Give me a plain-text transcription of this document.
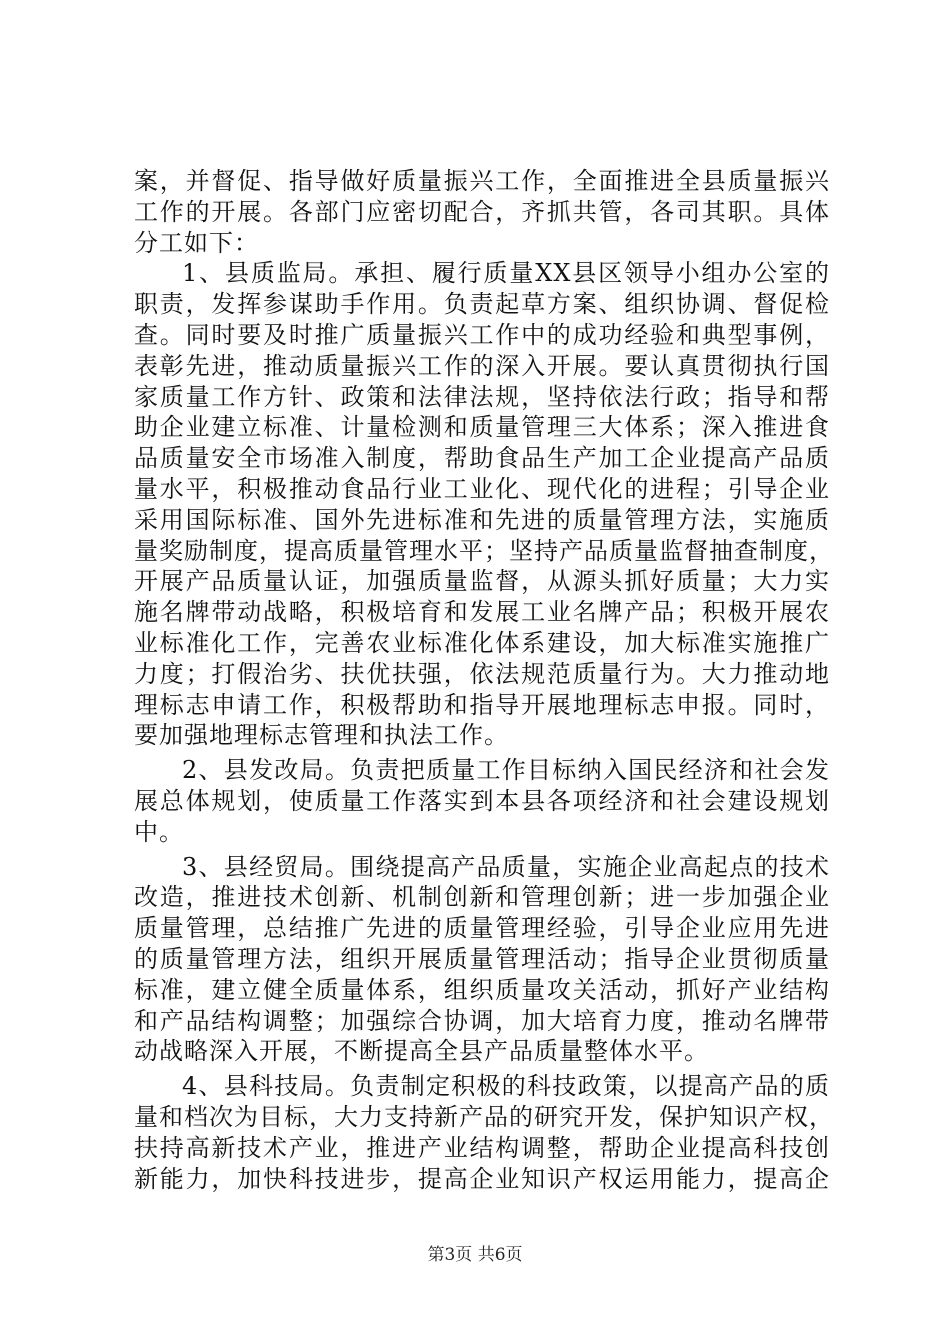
案，并督促、指导做好质量振兴工作，全面推进全县质量振兴
工作的开展。各部门应密切配合，齐抓共管，各司其职。具体
分工如下：
1、县质监局。承担、履行质量XX县区领导小组办公室的
职责，发挥参谋助手作用。负责起草方案、组织协调、督促检
查。同时要及时推广质量振兴工作中的成功经验和典型事例，
表彰先进，推动质量振兴工作的深入开展。要认真贯彻执行国
家质量工作方针、政策和法律法规，坚持依法行政；指导和帮
助企业建立标准、计量检测和质量管理三大体系；深入推进食
品质量安全市场准入制度，帮助食品生产加工企业提高产品质
量水平，积极推动食品行业工业化、现代化的进程；引导企业
采用国际标准、国外先进标准和先进的质量管理方法，实施质
量奖励制度，提高质量管理水平；坚持产品质量监督抽查制度，
开展产品质量认证，加强质量监督，从源头抓好质量；大力实
施名牌带动战略，积极培育和发展工业名牌产品；积极开展农
业标准化工作，完善农业标准化体系建设，加大标准实施推广
力度；打假治劣、扶优扶强，依法规范质量行为。大力推动地
理标志申请工作，积极帮助和指导开展地理标志申报。同时，
要加强地理标志管理和执法工作。
2、县发改局。负责把质量工作目标纳入国民经济和社会发
展总体规划，使质量工作落实到本县各项经济和社会建设规划
中。
3、县经贸局。围绕提高产品质量，实施企业高起点的技术
改造，推进技术创新、机制创新和管理创新；进一步加强企业
质量管理，总结推广先进的质量管理经验，引导企业应用先进
的质量管理方法，组织开展质量管理活动；指导企业贯彻质量
标准，建立健全质量体系，组织质量攻关活动，抓好产业结构
和产品结构调整；加强综合协调，加大培育力度，推动名牌带
动战略深入开展，不断提高全县产品质量整体水平。
4、县科技局。负责制定积极的科技政策，以提高产品的质
量和档次为目标，大力支持新产品的研究开发，保护知识产权，
扶持高新技术产业，推进产业结构调整，帮助企业提高科技创
新能力，加快科技进步，提高企业知识产权运用能力，提高企
第3页 共6页
